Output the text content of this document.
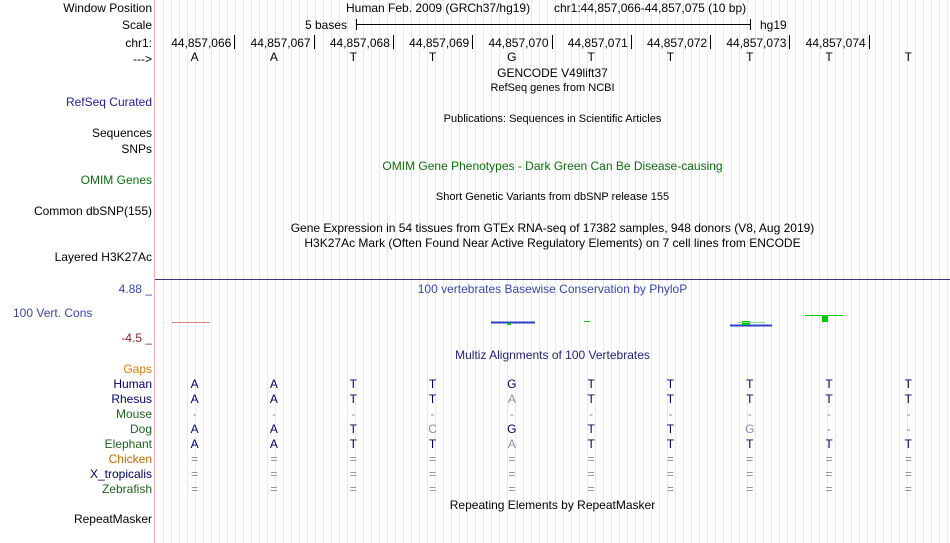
Window Position	Human Feb. 2009 (GRCh37/hg19) chr1:44,857,066-44,857,075 (10 bp)
Scale	5 bases	hg19
chr1: 44,857,066 44,857,067 44,857,068 44,857,069 44,857,070 44,857,071 44,857,072 44,857,073 44,857,074
--->	A	A	T	T	G	T	T	T	T	T
GENCODE V49lift37
RefSeq genes from NCBI
RefSeq Curated
Publications: Sequences in Scientific Articles
Sequences
SNPs
OMIM Gene Phenotypes - Dark Green Can Be Disease-causing
OMIM Genes
Short Genetic Variants from dbSNP release 155
Common dbSNP(155)
Gene Expression in 54 tissues from GTEx RNA-seq of 17382 samples, 948 donors (V8, Aug 2019)
H3K27Ac Mark (Often Found Near Active Regulatory Elements) on 7 cell lines from ENCODE
Layered H3K27Ac
4.88 _	100 vertebrates Basewise Conservation by PhyloP
100 Vert. Cons
-4.5 _
Multiz Alignments of 100 Vertebrates
Gaps
Human	A	A	T	T	G	T	T	T	T	T
Rhesus	A	A	T	T	A	T	T	T	T	T
Mouse	-	-	-	-	-	-	-	-	-	-
Dog	A	A	T	C	G	T	T	G	-	-
Elephant	A	A	T	T	A	T	T	T	T	T
Chicken	=	=	=	=	=	=	=	=	=	=
X_tropicalis	=	=	=	=	=	=	=	=	=	=
Zebrafish	=	=	=	=	=	=	=	=	=	=
Repeating Elements by RepeatMasker
RepeatMasker
